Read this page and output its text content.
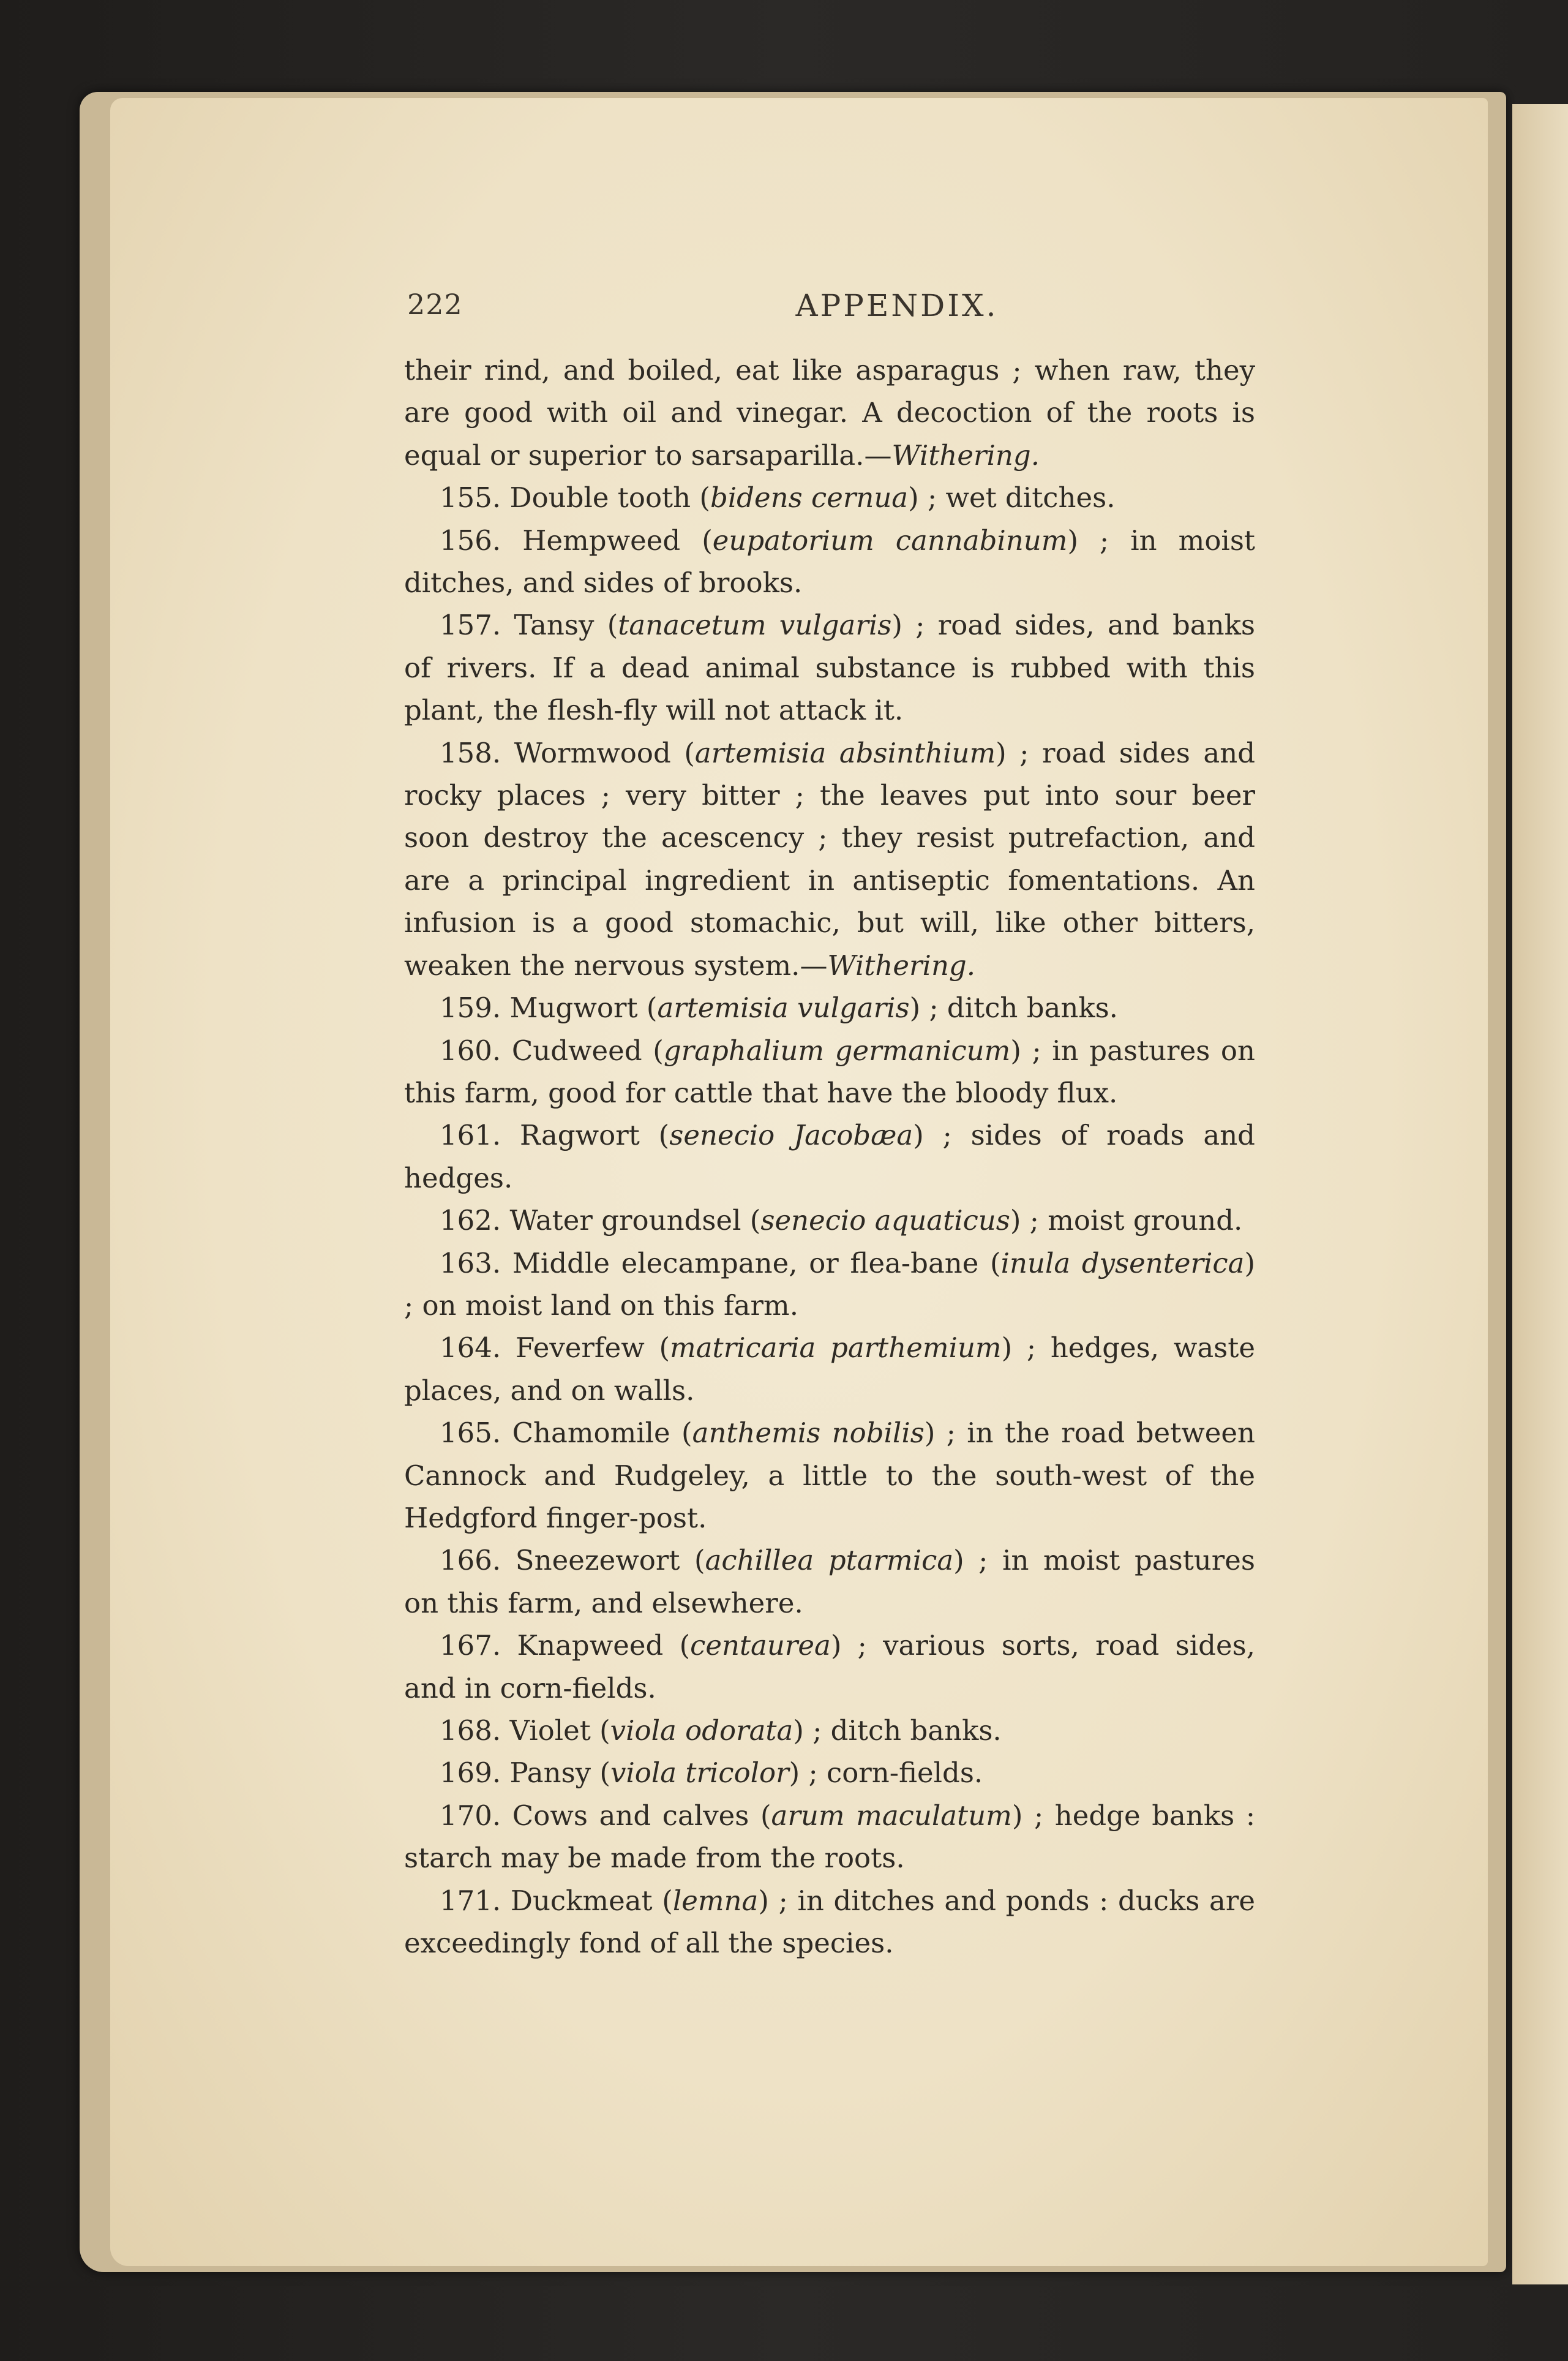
222	APPENDIX.

their rind, and boiled, eat like asparagus ; when raw, they are good with oil and vinegar. A decoction of the roots is equal or superior to sarsaparilla.—Withering.

155. Double tooth (bidens cernua) ; wet ditches.

156. Hempweed (eupatorium cannabinum) ; in moist ditches, and sides of brooks.

157. Tansy (tanacetum vulgaris) ; road sides, and banks of rivers. If a dead animal substance is rubbed with this plant, the flesh-fly will not attack it.

158. Wormwood (artemisia absinthium) ; road sides and rocky places ; very bitter ; the leaves put into sour beer soon destroy the acescency ; they resist putrefaction, and are a principal ingredient in antiseptic fomentations. An infusion is a good stomachic, but will, like other bitters, weaken the nervous system.—Withering.

159. Mugwort (artemisia vulgaris) ; ditch banks.

160. Cudweed (graphalium germanicum) ; in pastures on this farm, good for cattle that have the bloody flux.

161. Ragwort (senecio Jacobæa) ; sides of roads and hedges.

162. Water groundsel (senecio aquaticus) ; moist ground.

163. Middle elecampane, or flea-bane (inula dysenterica) ; on moist land on this farm.

164. Feverfew (matricaria parthemium) ; hedges, waste places, and on walls.

165. Chamomile (anthemis nobilis) ; in the road between Cannock and Rudgeley, a little to the south-west of the Hedgford finger-post.

166. Sneezewort (achillea ptarmica) ; in moist pastures on this farm, and elsewhere.

167. Knapweed (centaurea) ; various sorts, road sides, and in corn-fields.

168. Violet (viola odorata) ; ditch banks.

169. Pansy (viola tricolor) ; corn-fields.

170. Cows and calves (arum maculatum) ; hedge banks : starch may be made from the roots.

171. Duckmeat (lemna) ; in ditches and ponds : ducks are exceedingly fond of all the species.
